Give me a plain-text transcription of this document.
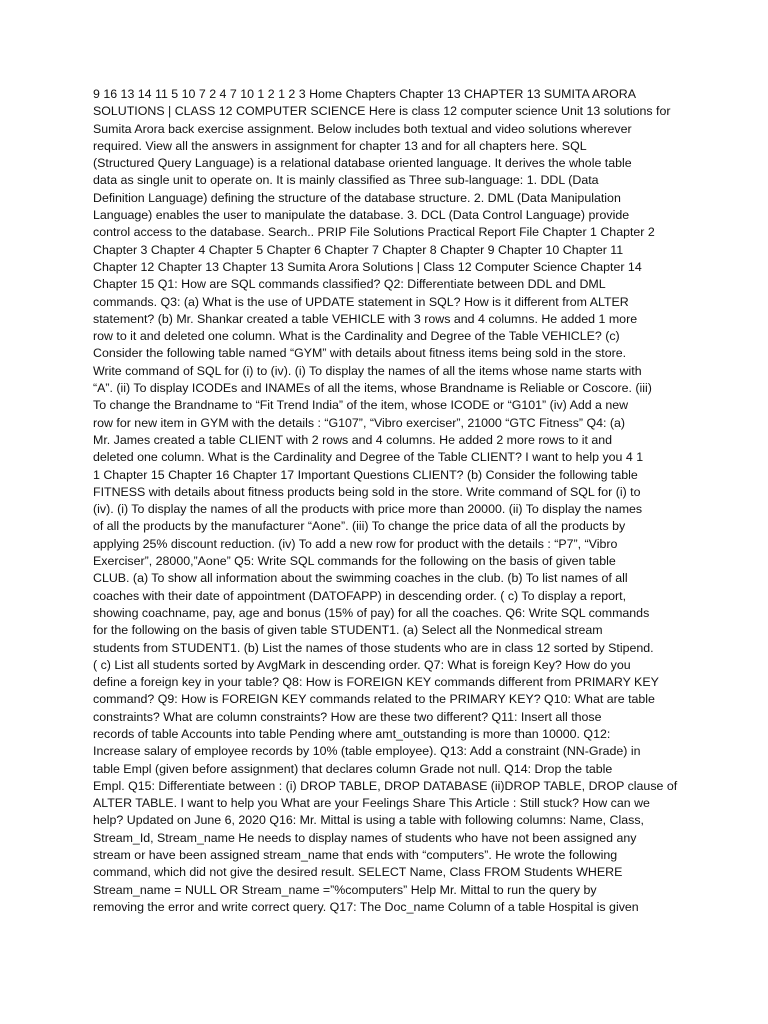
9 16 13 14 11 5 10 7 2 4 7 10 1 2 1 2 3 Home Chapters Chapter 13 CHAPTER 13 SUMITA ARORA
SOLUTIONS | CLASS 12 COMPUTER SCIENCE Here is class 12 computer science Unit 13 solutions for
Sumita Arora back exercise assignment. Below includes both textual and video solutions wherever
required. View all the answers in assignment for chapter 13 and for all chapters here. SQL
(Structured Query Language) is a relational database oriented language. It derives the whole table
data as single unit to operate on. It is mainly classified as Three sub-language: 1. DDL (Data
Definition Language) defining the structure of the database structure. 2. DML (Data Manipulation
Language) enables the user to manipulate the database. 3. DCL (Data Control Language) provide
control access to the database. Search.. PRIP File Solutions Practical Report File Chapter 1 Chapter 2
Chapter 3 Chapter 4 Chapter 5 Chapter 6 Chapter 7 Chapter 8 Chapter 9 Chapter 10 Chapter 11
Chapter 12 Chapter 13 Chapter 13 Sumita Arora Solutions | Class 12 Computer Science Chapter 14
Chapter 15 Q1: How are SQL commands classified? Q2: Differentiate between DDL and DML
commands. Q3: (a) What is the use of UPDATE statement in SQL? How is it different from ALTER
statement? (b) Mr. Shankar created a table VEHICLE with 3 rows and 4 columns. He added 1 more
row to it and deleted one column. What is the Cardinality and Degree of the Table VEHICLE? (c)
Consider the following table named “GYM” with details about fitness items being sold in the store.
Write command of SQL for (i) to (iv). (i) To display the names of all the items whose name starts with
“A”. (ii) To display ICODEs and INAMEs of all the items, whose Brandname is Reliable or Coscore. (iii)
To change the Brandname to “Fit Trend India” of the item, whose ICODE or “G101” (iv) Add a new
row for new item in GYM with the details : “G107”, “Vibro exerciser”, 21000 “GTC Fitness” Q4: (a)
Mr. James created a table CLIENT with 2 rows and 4 columns. He added 2 more rows to it and
deleted one column. What is the Cardinality and Degree of the Table CLIENT? I want to help you 4 1
1 Chapter 15 Chapter 16 Chapter 17 Important Questions CLIENT? (b) Consider the following table
FITNESS with details about fitness products being sold in the store. Write command of SQL for (i) to
(iv). (i) To display the names of all the products with price more than 20000. (ii) To display the names
of all the products by the manufacturer “Aone”. (iii) To change the price data of all the products by
applying 25% discount reduction. (iv) To add a new row for product with the details : “P7”, “Vibro
Exerciser”, 28000,”Aone” Q5: Write SQL commands for the following on the basis of given table
CLUB. (a) To show all information about the swimming coaches in the club. (b) To list names of all
coaches with their date of appointment (DATOFAPP) in descending order. ( c) To display a report,
showing coachname, pay, age and bonus (15% of pay) for all the coaches. Q6: Write SQL commands
for the following on the basis of given table STUDENT1. (a) Select all the Nonmedical stream
students from STUDENT1. (b) List the names of those students who are in class 12 sorted by Stipend.
( c) List all students sorted by AvgMark in descending order. Q7: What is foreign Key? How do you
define a foreign key in your table? Q8: How is FOREIGN KEY commands different from PRIMARY KEY
command? Q9: How is FOREIGN KEY commands related to the PRIMARY KEY? Q10: What are table
constraints? What are column constraints? How are these two different? Q11: Insert all those
records of table Accounts into table Pending where amt_outstanding is more than 10000. Q12:
Increase salary of employee records by 10% (table employee). Q13: Add a constraint (NN-Grade) in
table Empl (given before assignment) that declares column Grade not null. Q14: Drop the table
Empl. Q15: Differentiate between : (i) DROP TABLE, DROP DATABASE (ii)DROP TABLE, DROP clause of
ALTER TABLE. I want to help you What are your Feelings Share This Article : Still stuck? How can we
help? Updated on June 6, 2020 Q16: Mr. Mittal is using a table with following columns: Name, Class,
Stream_Id, Stream_name He needs to display names of students who have not been assigned any
stream or have been assigned stream_name that ends with “computers”. He wrote the following
command, which did not give the desired result. SELECT Name, Class FROM Students WHERE
Stream_name = NULL OR Stream_name =”%computers” Help Mr. Mittal to run the query by
removing the error and write correct query. Q17: The Doc_name Column of a table Hospital is given
